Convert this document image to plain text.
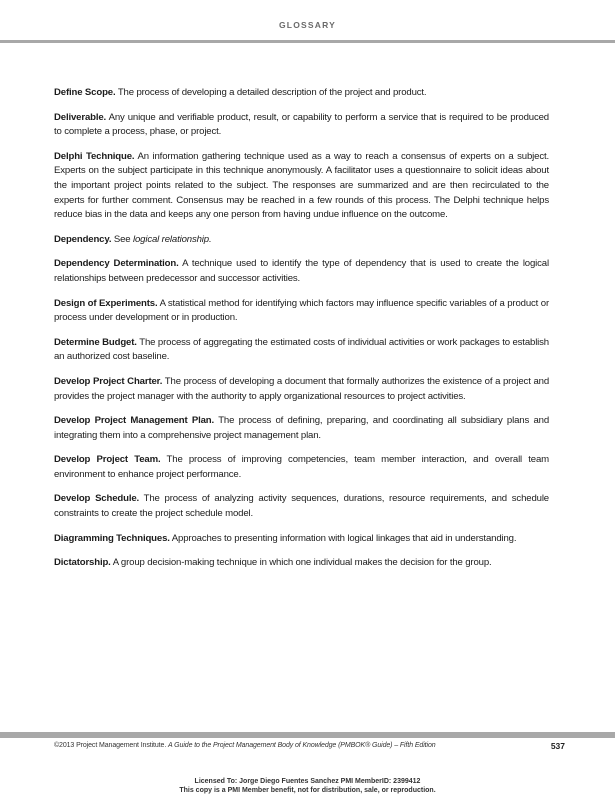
GLOSSARY

Define Scope. The process of developing a detailed description of the project and product.

Deliverable. Any unique and verifiable product, result, or capability to perform a service that is required to be produced to complete a process, phase, or project.

Delphi Technique. An information gathering technique used as a way to reach a consensus of experts on a subject. Experts on the subject participate in this technique anonymously. A facilitator uses a questionnaire to solicit ideas about the important project points related to the subject. The responses are summarized and are then recirculated to the experts for further comment. Consensus may be reached in a few rounds of this process. The Delphi technique helps reduce bias in the data and keeps any one person from having undue influence on the outcome.

Dependency. See logical relationship.

Dependency Determination. A technique used to identify the type of dependency that is used to create the logical relationships between predecessor and successor activities.

Design of Experiments. A statistical method for identifying which factors may influence specific variables of a product or process under development or in production.

Determine Budget. The process of aggregating the estimated costs of individual activities or work packages to establish an authorized cost baseline.

Develop Project Charter. The process of developing a document that formally authorizes the existence of a project and provides the project manager with the authority to apply organizational resources to project activities.

Develop Project Management Plan. The process of defining, preparing, and coordinating all subsidiary plans and integrating them into a comprehensive project management plan.

Develop Project Team. The process of improving competencies, team member interaction, and overall team environment to enhance project performance.

Develop Schedule. The process of analyzing activity sequences, durations, resource requirements, and schedule constraints to create the project schedule model.

Diagramming Techniques. Approaches to presenting information with logical linkages that aid in understanding.

Dictatorship. A group decision-making technique in which one individual makes the decision for the group.

©2013 Project Management Institute. A Guide to the Project Management Body of Knowledge (PMBOK® Guide) – Fifth Edition	537
Licensed To: Jorge Diego Fuentes Sanchez PMI MemberID: 2399412
This copy is a PMI Member benefit, not for distribution, sale, or reproduction.
